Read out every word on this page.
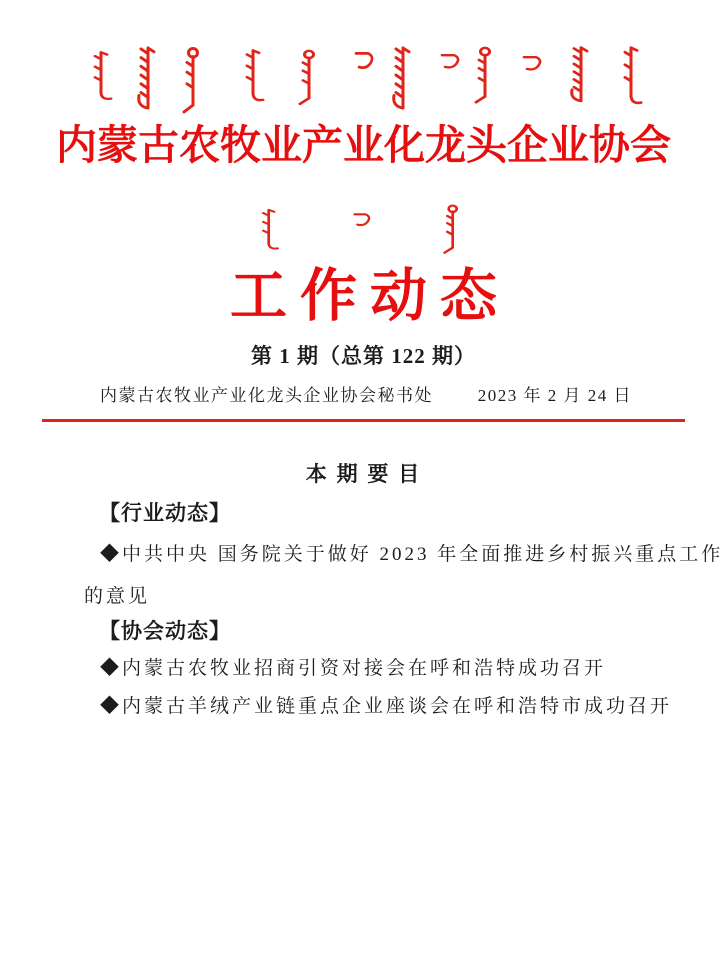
内蒙古农牧业产业化龙头企业协会
工作动态
第 1 期（总第 122 期）
内蒙古农牧业产业化龙头企业协会秘书处	2023 年 2 月 24 日
本 期 要 目
【行业动态】
◆中共中央 国务院关于做好 2023 年全面推进乡村振兴重点工作
的意见
【协会动态】
◆内蒙古农牧业招商引资对接会在呼和浩特成功召开
◆内蒙古羊绒产业链重点企业座谈会在呼和浩特市成功召开
